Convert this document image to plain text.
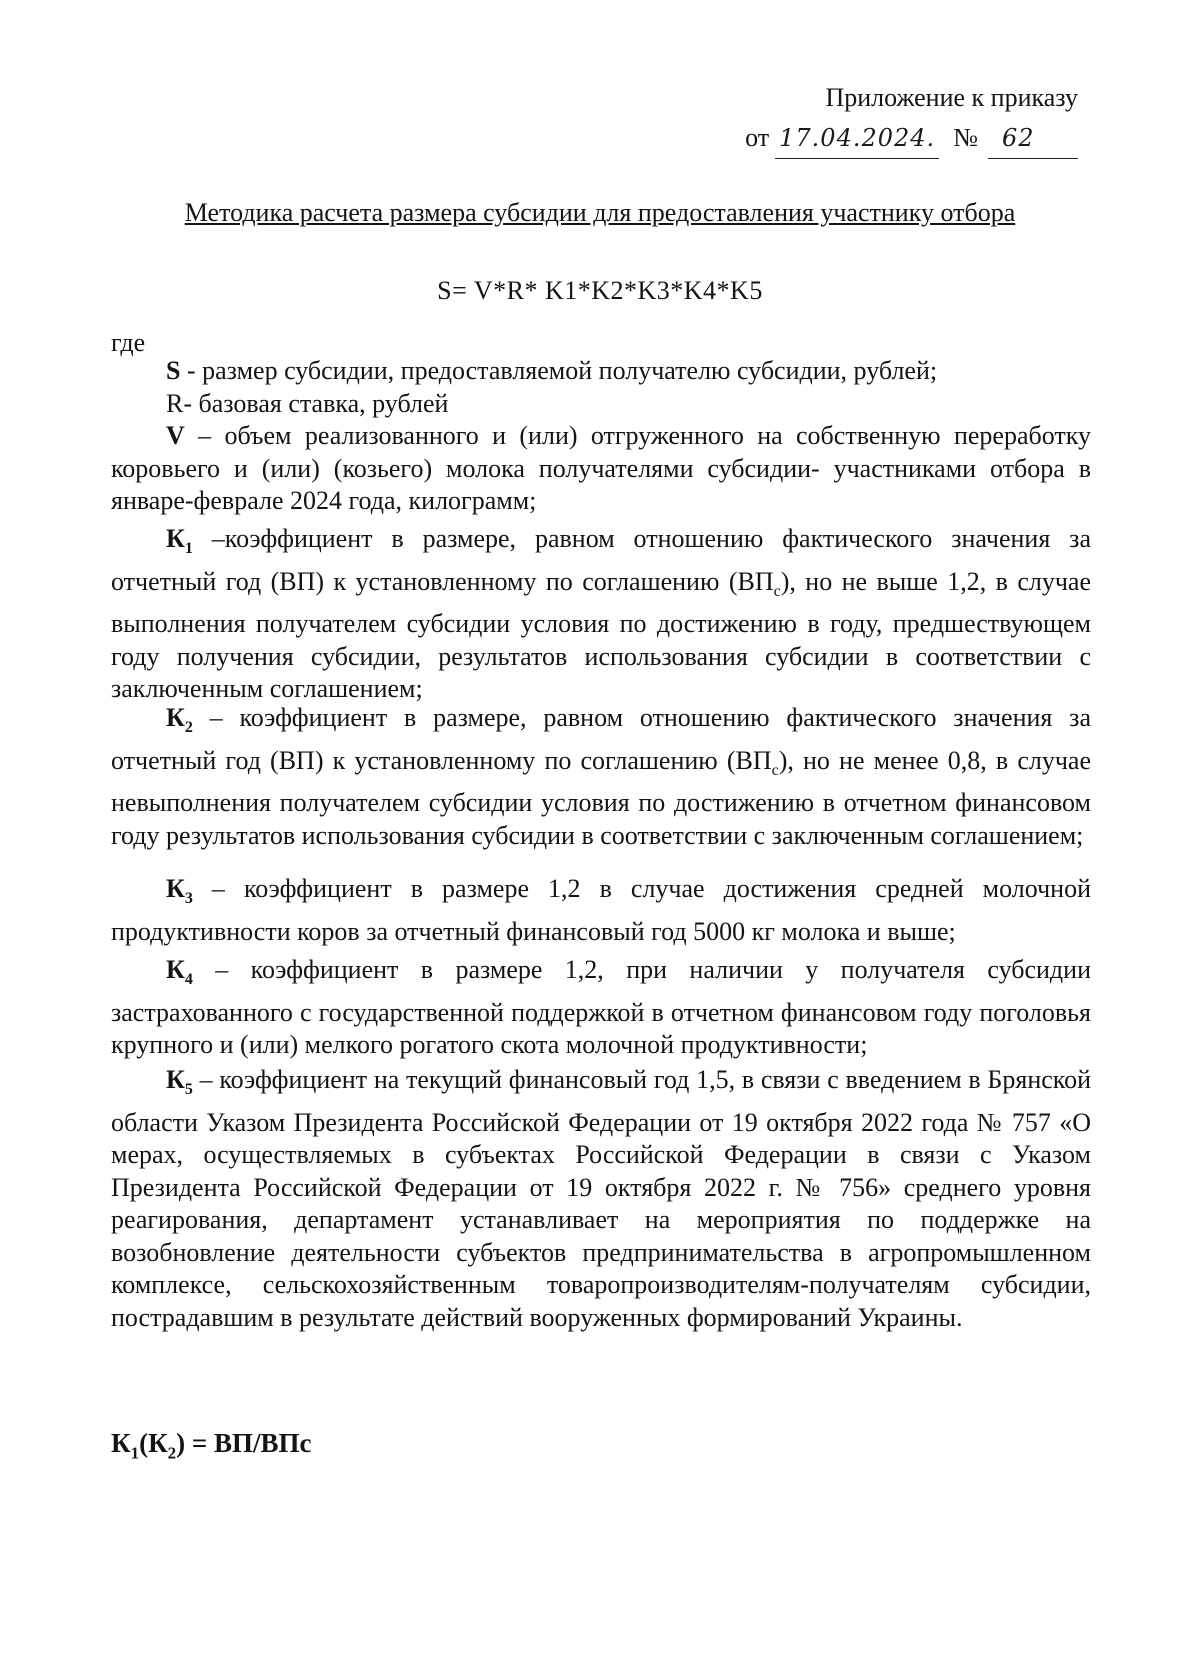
Приложение к приказу
от 17.04.2024. №	62
Методика расчета размера субсидии для предоставления участнику отбора
S= V*R* K1*K2*K3*K4*K5
где

S - размер субсидии, предоставляемой получателю субсидии, рублей;

R- базовая ставка, рублей

V – объем реализованного и (или) отгруженного на собственную переработку коровьего и (или) (козьего) молока получателями субсидии- участниками отбора в январе-феврале 2024 года, килограмм;

$К_1$ –коэффициент в размере, равном отношению фактического значения за отчетный год (ВП) к установленному по соглашению $(ВП_c)$, но не выше 1,2, в случае выполнения получателем субсидии условия по достижению в году, предшествующем году получения субсидии, результатов использования субсидии в соответствии с заключенным соглашением;

$К_2$ – коэффициент в размере, равном отношению фактического значения за отчетный год (ВП) к установленному по соглашению $(ВП_c)$, но не менее 0,8, в случае невыполнения получателем субсидии условия по достижению в отчетном финансовом году результатов использования субсидии в соответствии с заключенным соглашением;

$К_3$ – коэффициент в размере 1,2 в случае достижения средней молочной продуктивности коров за отчетный финансовый год 5000 кг молока и выше;

$К_4$ – коэффициент в размере 1,2, при наличии у получателя субсидии застрахованного с государственной поддержкой в отчетном финансовом году поголовья крупного и (или) мелкого рогатого скота молочной продуктивности;

$К_5$ – коэффициент на текущий финансовый год 1,5, в связи с введением в Брянской области Указом Президента Российской Федерации от 19 октября 2022 года № 757 «О мерах, осуществляемых в субъектах Российской Федерации в связи с Указом Президента Российской Федерации от 19 октября 2022 г. № 756» среднего уровня реагирования, департамент устанавливает на мероприятия по поддержке на возобновление деятельности субъектов предпринимательства в агропромышленном комплексе, сельскохозяйственным товаропроизводителям-получателям субсидии, пострадавшим в результате действий вооруженных формирований Украины.

$К_1(К_2) = ВП/ВПс$
